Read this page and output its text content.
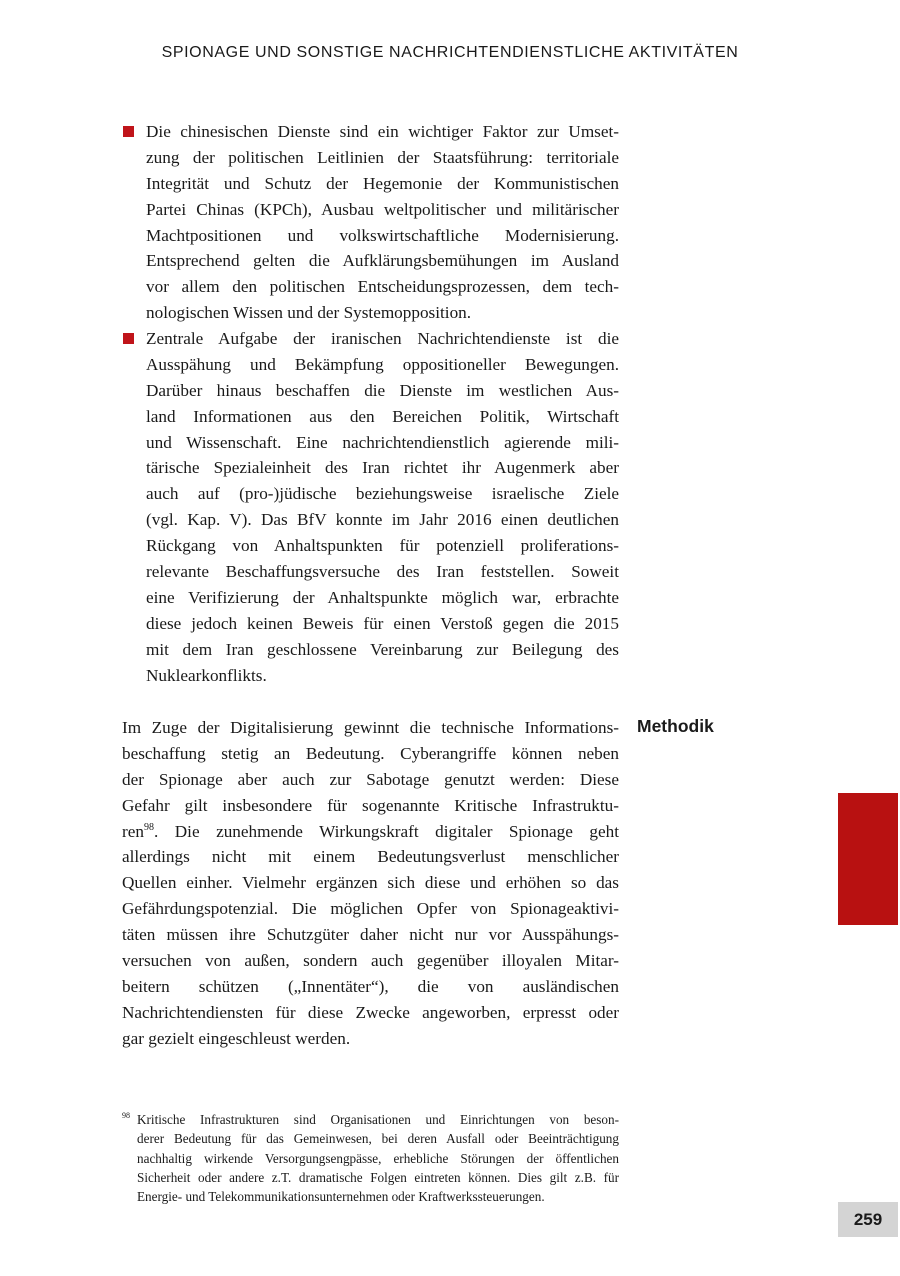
SPIONAGE UND SONSTIGE NACHRICHTENDIENSTLICHE AKTIVITÄTEN
Die chinesischen Dienste sind ein wichtiger Faktor zur Umset-
zung der politischen Leitlinien der Staatsführung: territoriale
Integrität und Schutz der Hegemonie der Kommunistischen
Partei Chinas (KPCh), Ausbau weltpolitischer und militärischer
Machtpositionen und volkswirtschaftliche Modernisierung.
Entsprechend gelten die Aufklärungsbemühungen im Ausland
vor allem den politischen Entscheidungsprozessen, dem tech-
nologischen Wissen und der Systemopposition.
Zentrale Aufgabe der iranischen Nachrichtendienste ist die
Ausspähung und Bekämpfung oppositioneller Bewegungen.
Darüber hinaus beschaffen die Dienste im westlichen Aus-
land Informationen aus den Bereichen Politik, Wirtschaft
und Wissenschaft. Eine nachrichtendienstlich agierende mili-
tärische Spezialeinheit des Iran richtet ihr Augenmerk aber
auch auf (pro-)jüdische beziehungsweise israelische Ziele
(vgl. Kap. V). Das BfV konnte im Jahr 2016 einen deutlichen
Rückgang von Anhaltspunkten für potenziell proliferations-
relevante Beschaffungsversuche des Iran feststellen. Soweit
eine Verifizierung der Anhaltspunkte möglich war, erbrachte
diese jedoch keinen Beweis für einen Verstoß gegen die 2015
mit dem Iran geschlossene Vereinbarung zur Beilegung des
Nuklearkonflikts.
Methodik
Im Zuge der Digitalisierung gewinnt die technische Informations-
beschaffung stetig an Bedeutung. Cyberangriffe können neben
der Spionage aber auch zur Sabotage genutzt werden: Diese
Gefahr gilt insbesondere für sogenannte Kritische Infrastruktu-
ren$^{98}$. Die zunehmende Wirkungskraft digitaler Spionage geht
allerdings nicht mit einem Bedeutungsverlust menschlicher
Quellen einher. Vielmehr ergänzen sich diese und erhöhen so das
Gefährdungspotenzial. Die möglichen Opfer von Spionageaktivi-
täten müssen ihre Schutzgüter daher nicht nur vor Ausspähungs-
versuchen von außen, sondern auch gegenüber illoyalen Mitar-
beitern schützen („Innentäter“), die von ausländischen
Nachrichtendiensten für diese Zwecke angeworben, erpresst oder
gar gezielt eingeschleust werden.
98 Kritische Infrastrukturen sind Organisationen und Einrichtungen von beson-
derer Bedeutung für das Gemeinwesen, bei deren Ausfall oder Beeinträchtigung
nachhaltig wirkende Versorgungsengpässe, erhebliche Störungen der öffentlichen
Sicherheit oder andere z.T. dramatische Folgen eintreten können. Dies gilt z.B. für
Energie- und Telekommunikationsunternehmen oder Kraftwerkssteuerungen.
259
